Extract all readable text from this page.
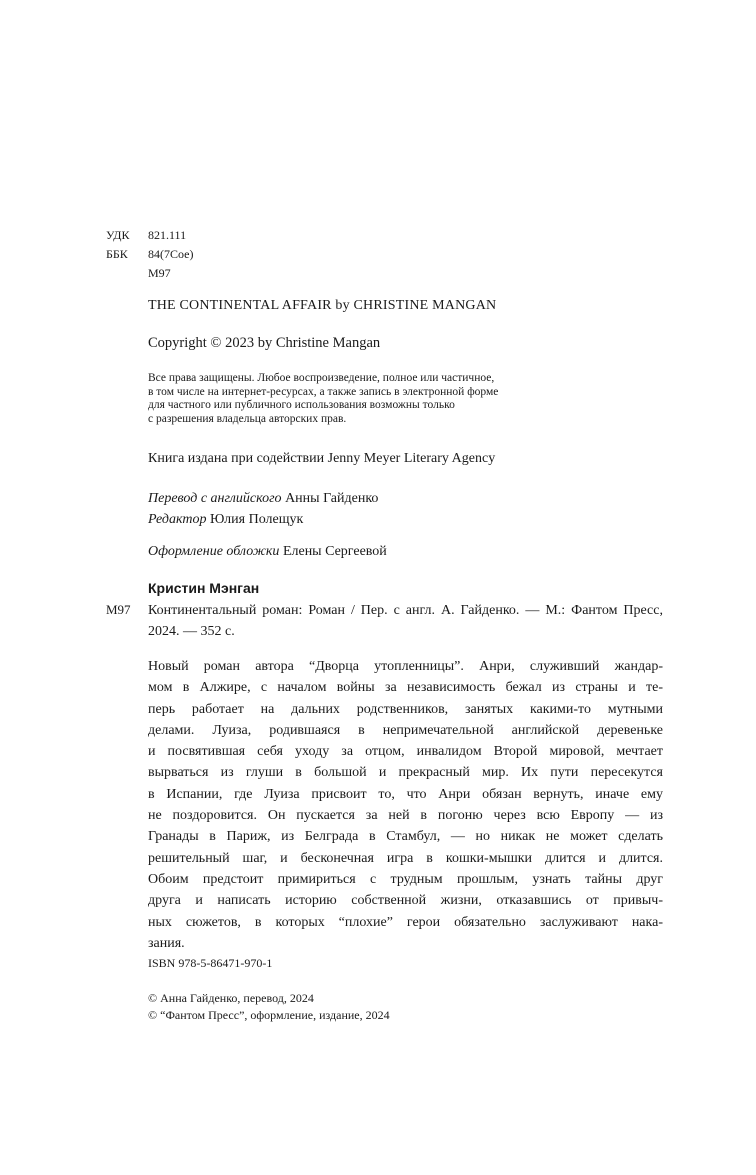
УДК	821.111
ББК	84(7Сое)
М97
THE CONTINENTAL AFFAIR by CHRISTINE MANGAN
Copyright © 2023 by Christine Mangan
Все права защищены. Любое воспроизведение, полное или частичное,
в том числе на интернет-ресурсах, а также запись в электронной форме
для частного или публичного использования возможны только
с разрешения владельца авторских прав.
Книга издана при содействии Jenny Meyer Literary Agency
Перевод с английского Анны Гайденко
Редактор Юлия Полещук
Оформление обложки Елены Сергеевой
Кристин Мэнган
М97 Континентальный роман: Роман / Пер. с англ. А. Гайденко. — М.: Фантом Пресс, 2024. — 352 с.
Новый роман автора “Дворца утопленницы”. Анри, служивший жандар-
мом в Алжире, с началом войны за независимость бежал из страны и те-
перь работает на дальних родственников, занятых какими-то мутными
делами. Луиза, родившаяся в непримечательной английской деревеньке
и посвятившая себя уходу за отцом, инвалидом Второй мировой, мечтает
вырваться из глуши в большой и прекрасный мир. Их пути пересекутся
в Испании, где Луиза присвоит то, что Анри обязан вернуть, иначе ему
не поздоровится. Он пускается за ней в погоню через всю Европу — из
Гранады в Париж, из Белграда в Стамбул, — но никак не может сделать
решительный шаг, и бесконечная игра в кошки-мышки длится и длится.
Обоим предстоит примириться с трудным прошлым, узнать тайны друг
друга и написать историю собственной жизни, отказавшись от привыч-
ных сюжетов, в которых “плохие” герои обязательно заслуживают нака-
зания.
ISBN 978-5-86471-970-1
© Анна Гайденко, перевод, 2024
© “Фантом Пресс”, оформление, издание, 2024
